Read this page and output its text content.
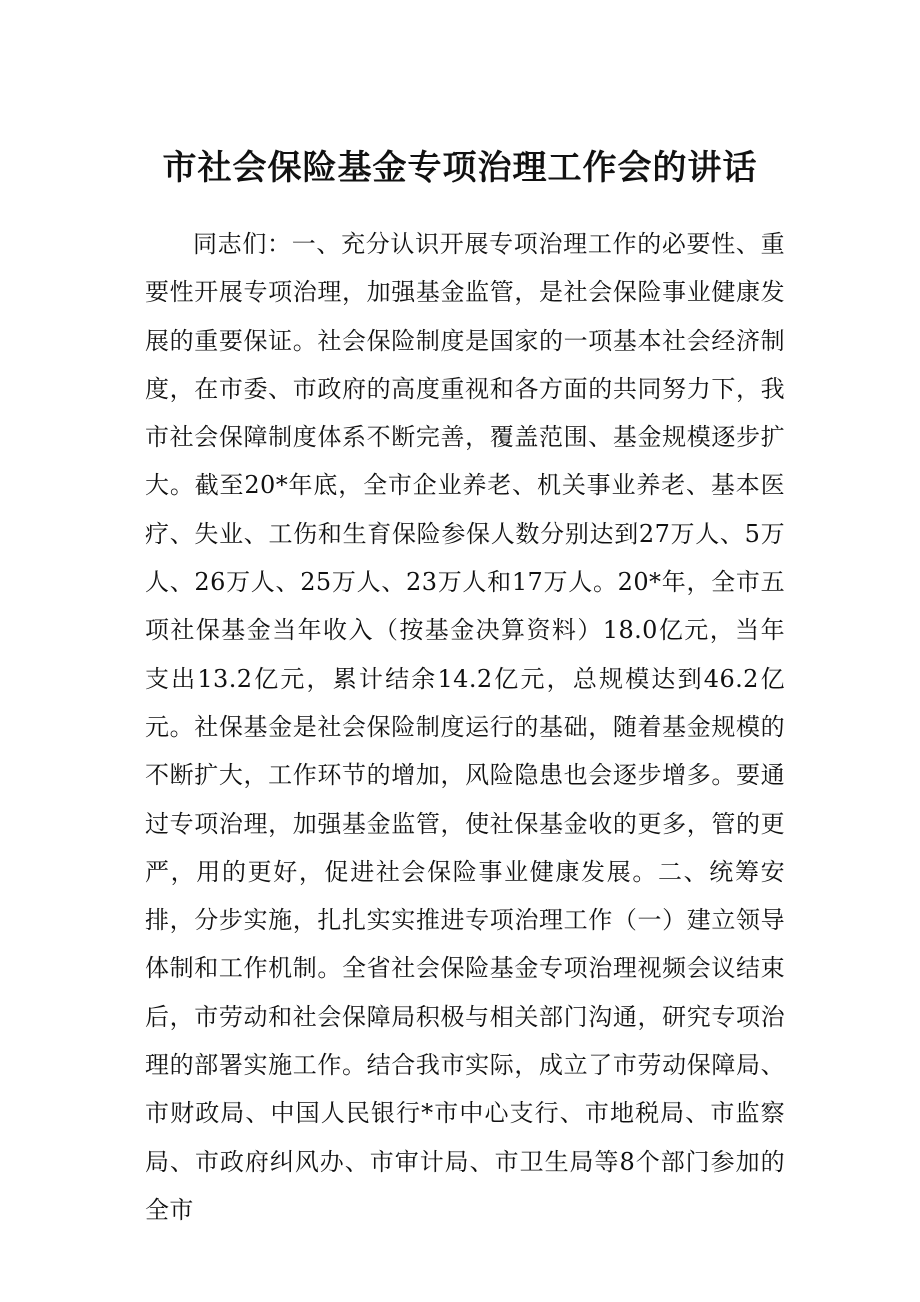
市社会保险基金专项治理工作会的讲话

同志们：一、充分认识开展专项治理工作的必要性、重要性开展专项治理，加强基金监管，是社会保险事业健康发展的重要保证。社会保险制度是国家的一项基本社会经济制度，在市委、市政府的高度重视和各方面的共同努力下，我市社会保障制度体系不断完善，覆盖范围、基金规模逐步扩大。截至20*年底，全市企业养老、机关事业养老、基本医疗、失业、工伤和生育保险参保人数分别达到27万人、5万人、26万人、25万人、23万人和17万人。20*年，全市五项社保基金当年收入（按基金决算资料）18.0亿元，当年支出13.2亿元，累计结余14.2亿元，总规模达到46.2亿元。社保基金是社会保险制度运行的基础，随着基金规模的不断扩大，工作环节的增加，风险隐患也会逐步增多。要通过专项治理，加强基金监管，使社保基金收的更多，管的更严，用的更好，促进社会保险事业健康发展。二、统筹安排，分步实施，扎扎实实推进专项治理工作（一）建立领导体制和工作机制。全省社会保险基金专项治理视频会议结束后，市劳动和社会保障局积极与相关部门沟通，研究专项治理的部署实施工作。结合我市实际，成立了市劳动保障局、市财政局、中国人民银行*市中心支行、市地税局、市监察局、市政府纠风办、市审计局、市卫生局等8个部门参加的全市
